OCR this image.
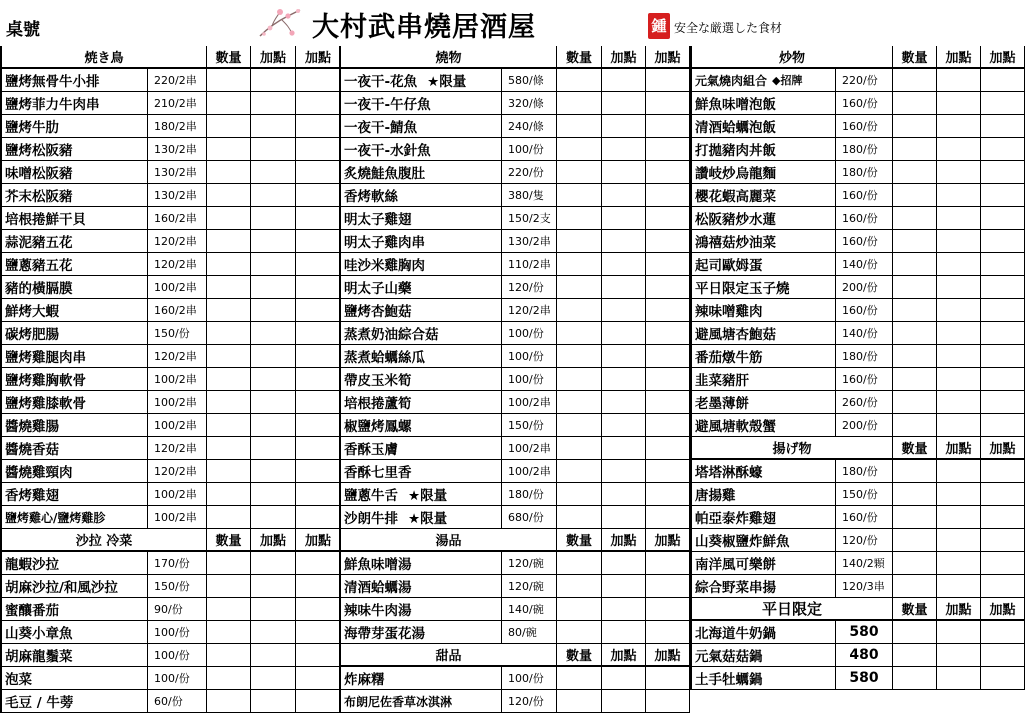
桌號	大村武串燒居酒屋	鍾 安全な厳選した食材
焼き鳥	數量	加點	加點
鹽烤無骨牛小排	220/2串
鹽烤菲力牛肉串	210/2串
鹽烤牛肋	180/2串
鹽烤松阪豬	130/2串
味噌松阪豬	130/2串
芥末松阪豬	130/2串
培根捲鮮干貝	160/2串
蒜泥豬五花	120/2串
鹽蔥豬五花	120/2串
豬的橫膈膜	100/2串
鮮烤大蝦	160/2串
碳烤肥腸	150/份
鹽烤雞腿肉串	120/2串
鹽烤雞胸軟骨	100/2串
鹽烤雞膝軟骨	100/2串
醬燒雞腸	100/2串
醬燒香菇	120/2串
醬燒雞頸肉	120/2串
香烤雞翅	100/2串
鹽烤雞心/鹽烤雞胗	100/2串
沙拉 冷菜	數量	加點	加點
龍蝦沙拉	170/份
胡麻沙拉/和風沙拉	150/份
蜜釀番茄	90/份
山葵小章魚	100/份
胡麻龍鬚菜	100/份
泡菜	100/份
毛豆 / 牛蒡	60/份
燒物	數量	加點	加點
一夜干-花魚 ★限量	580/條
一夜干-午仔魚	320/條
一夜干-鯖魚	240/條
一夜干-水針魚	100/份
炙燒鮭魚腹肚	220/份
香烤軟絲	380/隻
明太子雞翅	150/2支
明太子雞肉串	130/2串
哇沙米雞胸肉	110/2串
明太子山藥	120/份
鹽烤杏鮑菇	120/2串
蒸煮奶油綜合菇	100/份
蒸煮蛤蠣絲瓜	100/份
帶皮玉米筍	100/份
培根捲蘆筍	100/2串
椒鹽烤鳳螺	150/份
香酥玉膚	100/2串
香酥七里香	100/2串
鹽蔥牛舌 ★限量	180/份
沙朗牛排 ★限量	680/份
湯品	數量	加點	加點
鮮魚味噌湯	120/碗
清酒蛤蠣湯	120/碗
辣味牛肉湯	140/碗
海帶芽蛋花湯	80/碗
甜品	數量	加點	加點
炸麻糬	100/份
布朗尼佐香草冰淇淋	120/份
炒物	數量	加點	加點
元氣燒肉組合 ◆招牌	220/份
鮮魚味噌泡飯	160/份
清酒蛤蠣泡飯	160/份
打拋豬肉丼飯	180/份
讚岐炒烏龍麵	180/份
櫻花蝦高麗菜	160/份
松阪豬炒水蓮	160/份
鴻禧菇炒油菜	160/份
起司歐姆蛋	140/份
平日限定玉子燒	200/份
辣味噌雞肉	160/份
避風塘杏鮑菇	140/份
番茄燉牛筋	180/份
韭菜豬肝	160/份
老墨薄餅	260/份
避風塘軟殼蟹	200/份
揚げ物	數量	加點	加點
塔塔淋酥蠔	180/份
唐揚雞	150/份
帕亞泰炸雞翅	160/份
山葵椒鹽炸鮮魚	120/份
南洋風可樂餅	140/2顆
綜合野菜串揚	120/3串
平日限定	數量	加點	加點
北海道牛奶鍋	580
元氣菇菇鍋	480
土手牡蠣鍋	580
